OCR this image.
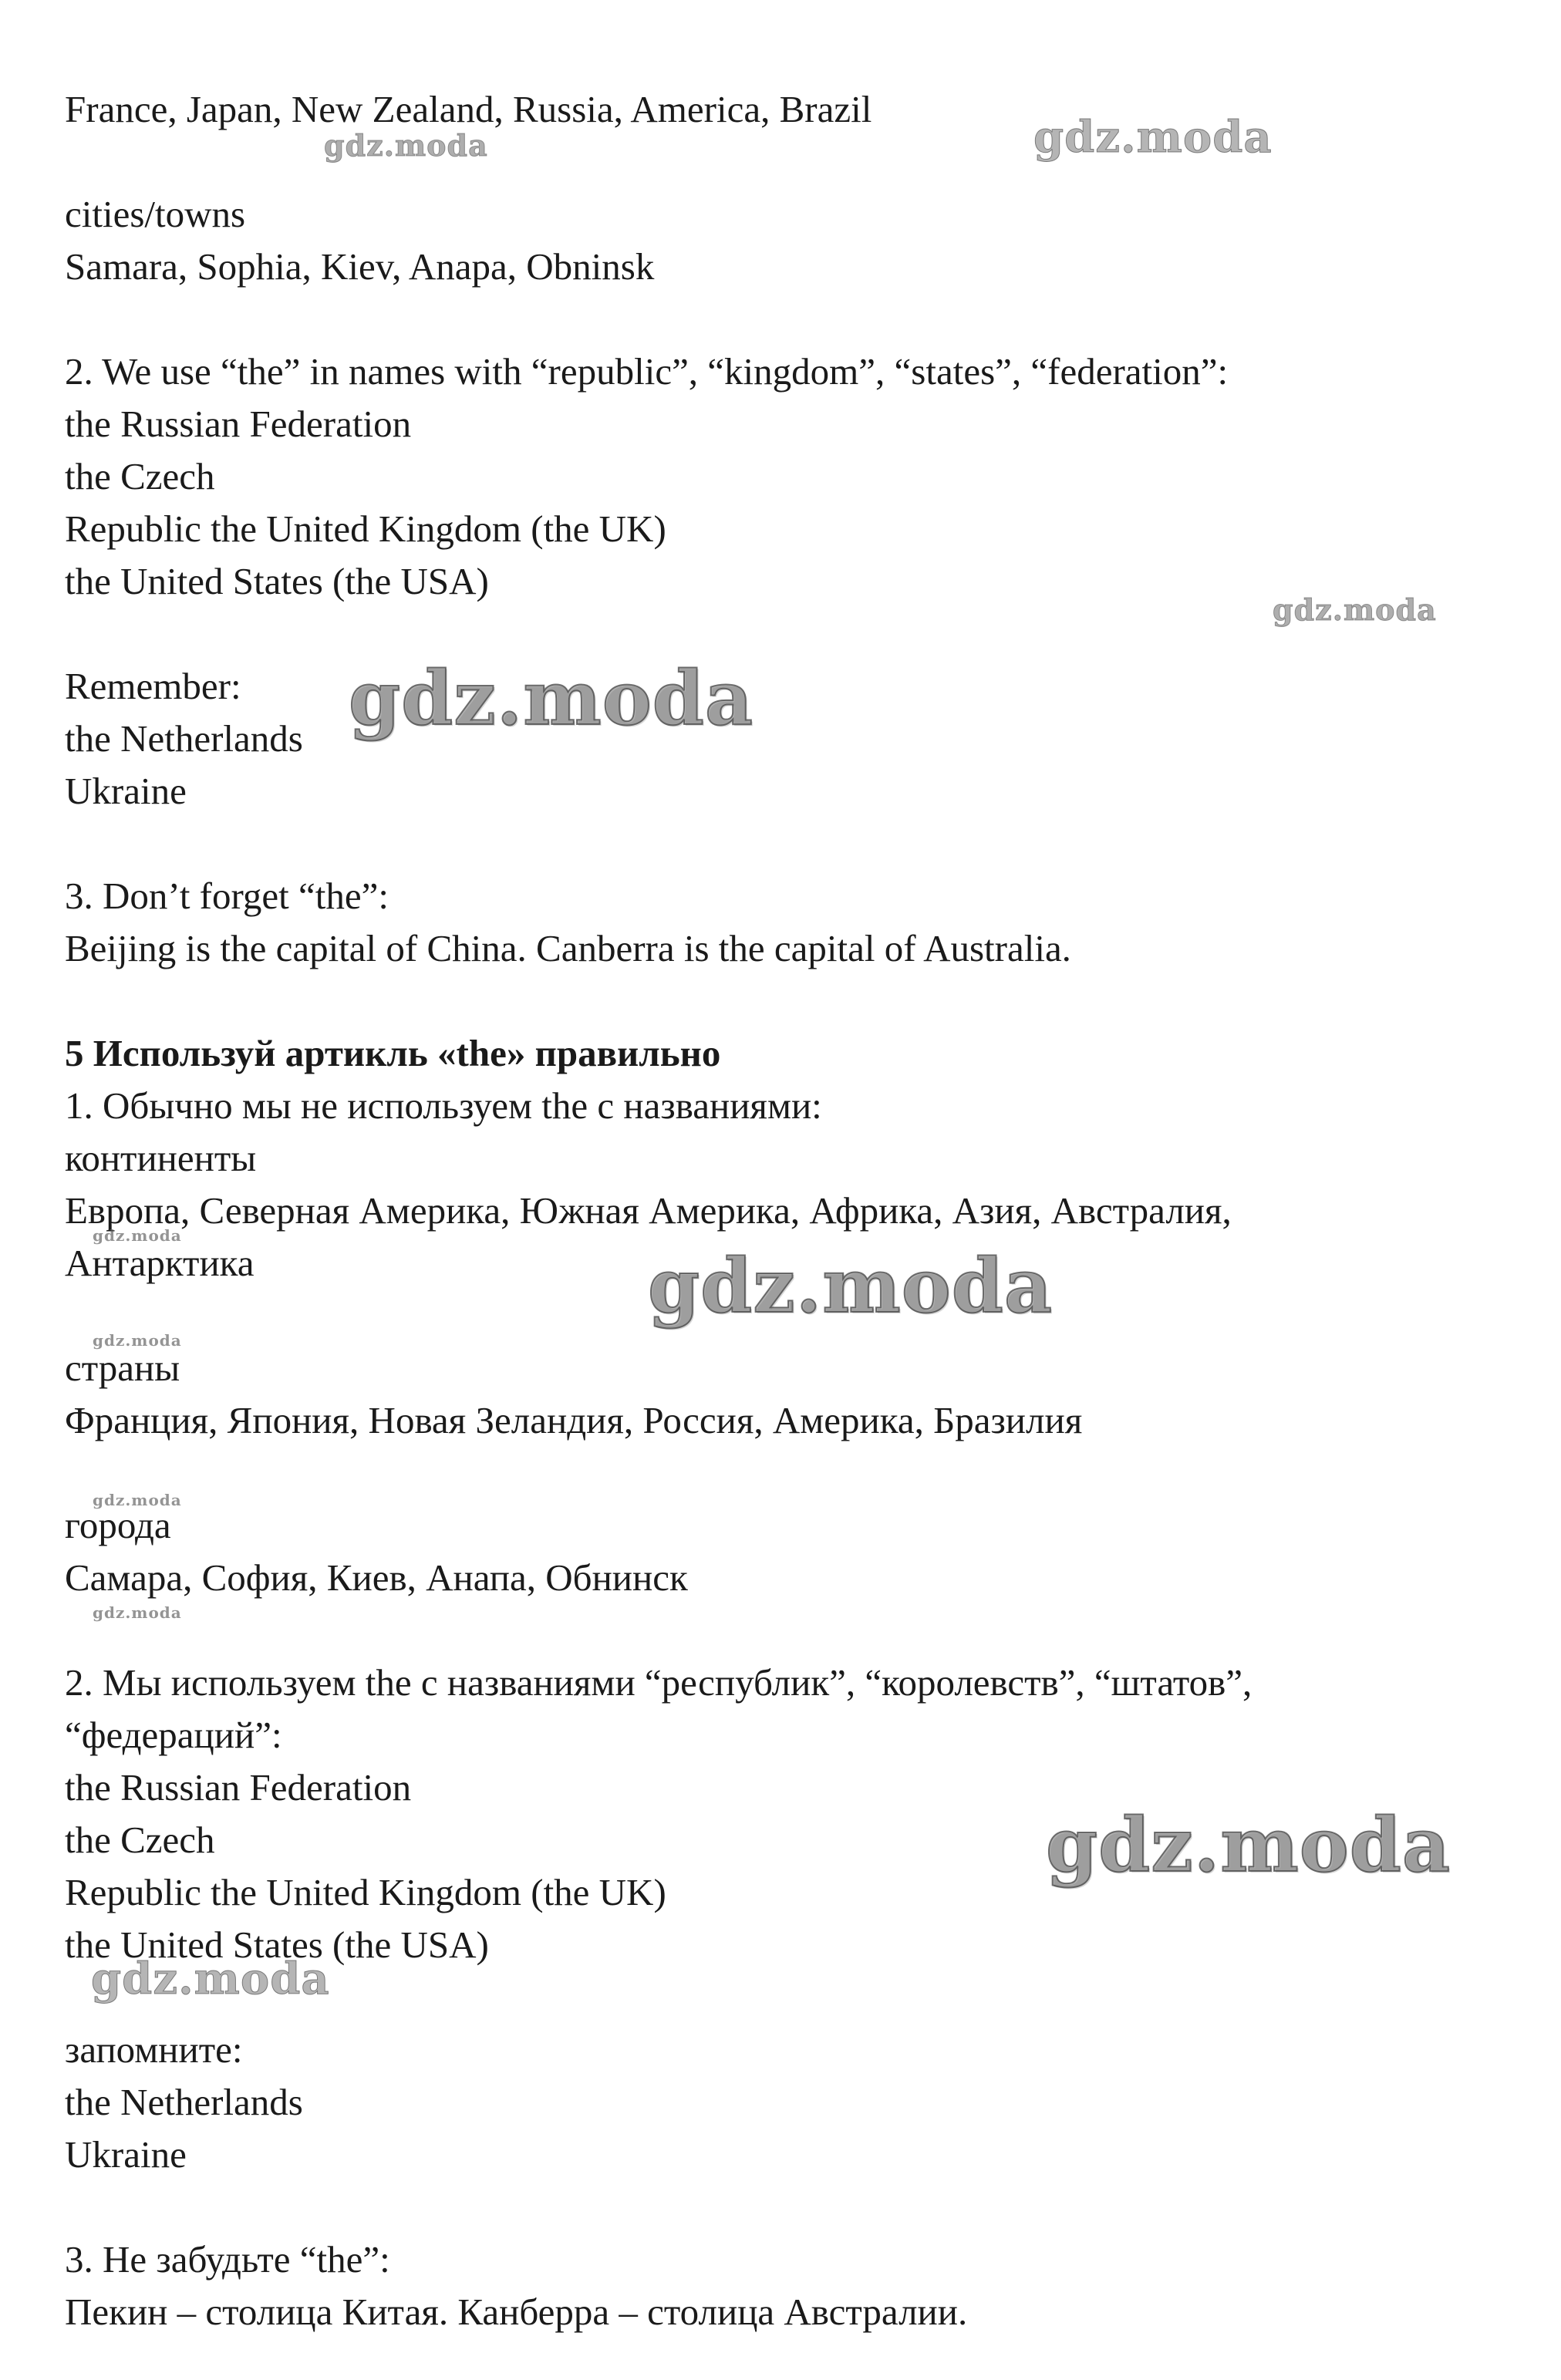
France, Japan, New Zealand, Russia, America, Brazil
cities/towns
Samara, Sophia, Kiev, Anapa, Obninsk
2. We use “the” in names with “republic”, “kingdom”, “states”, “federation”:
the Russian Federation
the Czech
Republic the United Kingdom (the UK)
the United States (the USA)
Remember:
the Netherlands
Ukraine
3. Don’t forget “the”:
Beijing is the capital of China. Canberra is the capital of Australia.
5 Используй артикль «the» правильно
1. Обычно мы не используем the с названиями:
континенты
Европа, Северная Америка, Южная Америка, Африка, Азия, Австралия,
Антарктика
страны
Франция, Япония, Новая Зеландия, Россия, Америка, Бразилия
города
Самара, София, Киев, Анапа, Обнинск
2. Мы используем the с названиями “республик”, “королевств”, “штатов”,
“федераций”:
the Russian Federation
the Czech
Republic the United Kingdom (the UK)
the United States (the USA)
запомните:
the Netherlands
Ukraine
3. Не забудьте “the”:
Пекин – столица Китая. Канберра – столица Австралии.
gdz.moda	gdz.moda
gdz.moda
gdz.moda
gdz.moda
gdz.moda
gdz.moda
gdz.moda
gdz.moda
gdz.moda
gdz.moda
